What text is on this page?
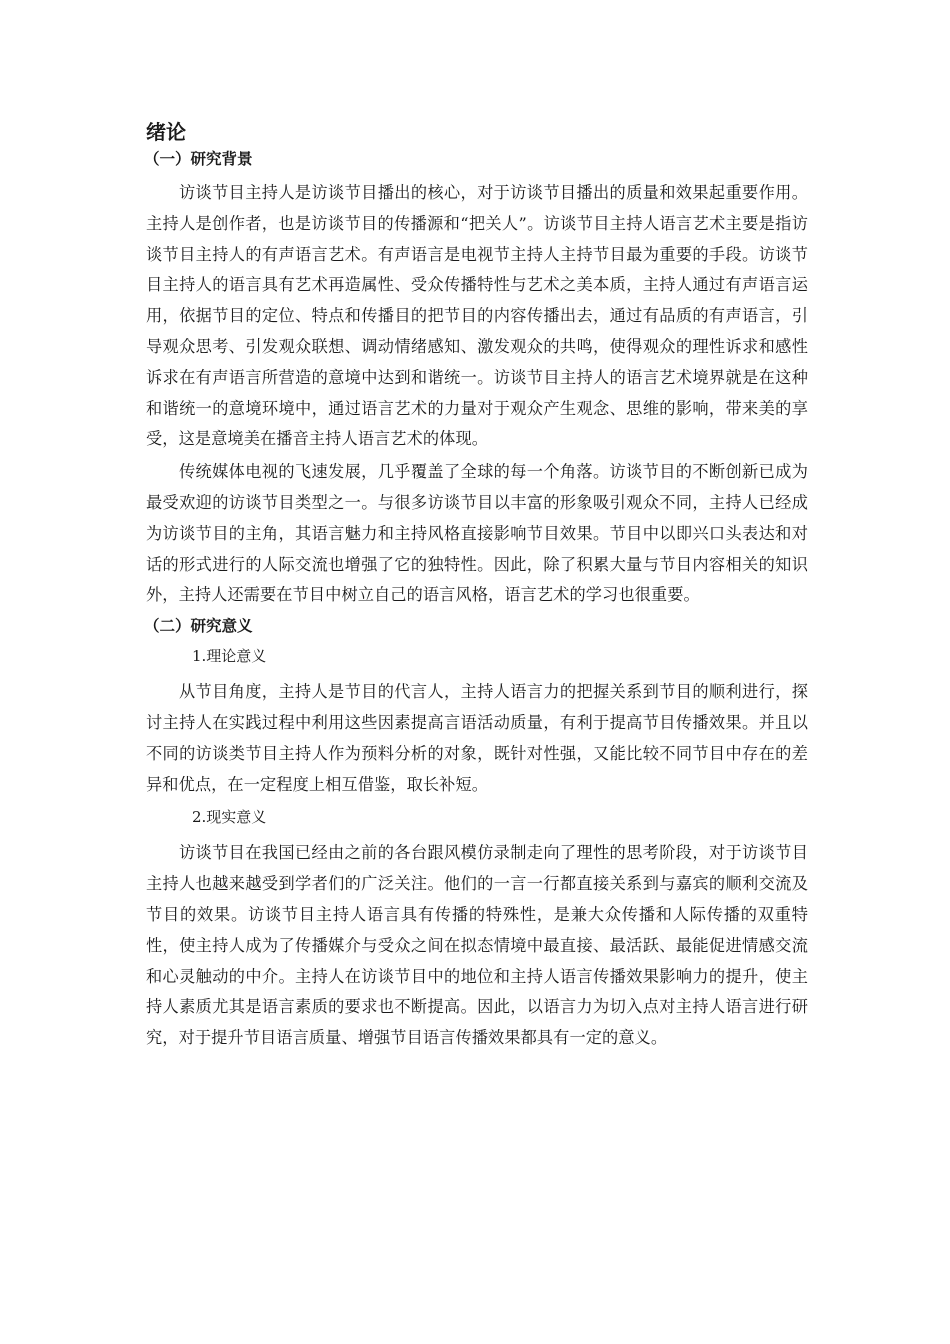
绪论
（一）研究背景

访谈节目主持人是访谈节目播出的核心，对于访谈节目播出的质量和效果起重要作用。主持人是创作者，也是访谈节目的传播源和“把关人”。访谈节目主持人语言艺术主要是指访谈节目主持人的有声语言艺术。有声语言是电视节主持人主持节目最为重要的手段。访谈节目主持人的语言具有艺术再造属性、受众传播特性与艺术之美本质，主持人通过有声语言运用，依据节目的定位、特点和传播目的把节目的内容传播出去，通过有品质的有声语言，引导观众思考、引发观众联想、调动情绪感知、激发观众的共鸣，使得观众的理性诉求和感性诉求在有声语言所营造的意境中达到和谐统一。访谈节目主持人的语言艺术境界就是在这种和谐统一的意境环境中，通过语言艺术的力量对于观众产生观念、思维的影响，带来美的享受，这是意境美在播音主持人语言艺术的体现。

传统媒体电视的飞速发展，几乎覆盖了全球的每一个角落。访谈节目的不断创新已成为最受欢迎的访谈节目类型之一。与很多访谈节目以丰富的形象吸引观众不同，主持人已经成为访谈节目的主角，其语言魅力和主持风格直接影响节目效果。节目中以即兴口头表达和对话的形式进行的人际交流也增强了它的独特性。因此，除了积累大量与节目内容相关的知识外，主持人还需要在节目中树立自己的语言风格，语言艺术的学习也很重要。

（二）研究意义
1.理论意义

从节目角度，主持人是节目的代言人，主持人语言力的把握关系到节目的顺利进行，探讨主持人在实践过程中利用这些因素提高言语活动质量，有利于提高节目传播效果。并且以不同的访谈类节目主持人作为预料分析的对象，既针对性强，又能比较不同节目中存在的差异和优点，在一定程度上相互借鉴，取长补短。

2.现实意义

访谈节目在我国已经由之前的各台跟风模仿录制走向了理性的思考阶段，对于访谈节目主持人也越来越受到学者们的广泛关注。他们的一言一行都直接关系到与嘉宾的顺利交流及节目的效果。访谈节目主持人语言具有传播的特殊性，是兼大众传播和人际传播的双重特性，使主持人成为了传播媒介与受众之间在拟态情境中最直接、最活跃、最能促进情感交流和心灵触动的中介。主持人在访谈节目中的地位和主持人语言传播效果影响力的提升，使主持人素质尤其是语言素质的要求也不断提高。因此，以语言力为切入点对主持人语言进行研究，对于提升节目语言质量、增强节目语言传播效果都具有一定的意义。
